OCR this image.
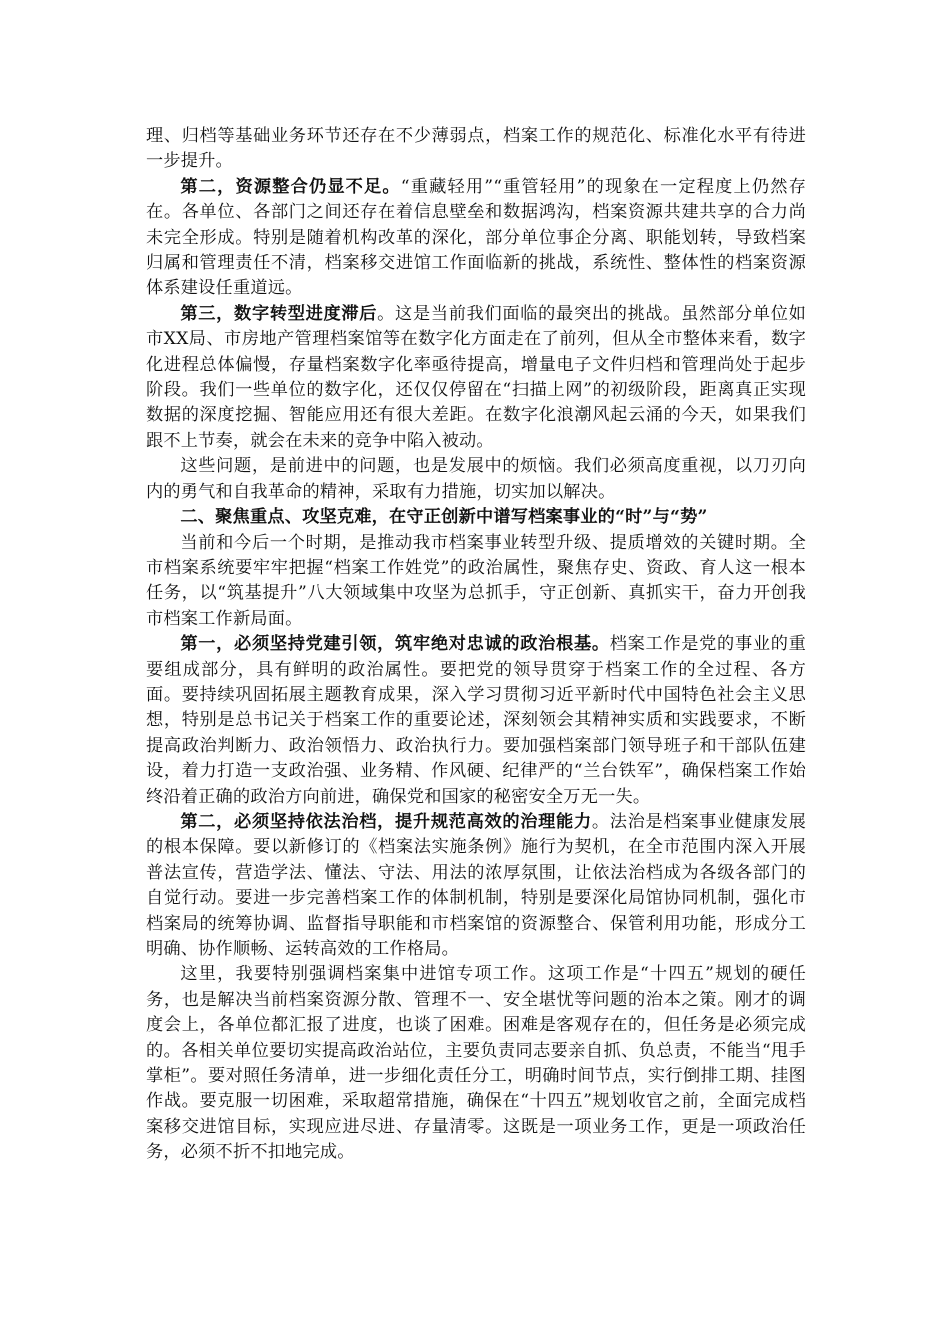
理、归档等基础业务环节还存在不少薄弱点，档案工作的规范化、标准化水平有待进一步提升。

第二，资源整合仍显不足。“重藏轻用”“重管轻用”的现象在一定程度上仍然存在。各单位、各部门之间还存在着信息壁垒和数据鸿沟，档案资源共建共享的合力尚未完全形成。特别是随着机构改革的深化，部分单位事企分离、职能划转，导致档案归属和管理责任不清，档案移交进馆工作面临新的挑战，系统性、整体性的档案资源体系建设任重道远。

第三，数字转型进度滞后。这是当前我们面临的最突出的挑战。虽然部分单位如市XX局、市房地产管理档案馆等在数字化方面走在了前列，但从全市整体来看，数字化进程总体偏慢，存量档案数字化率亟待提高，增量电子文件归档和管理尚处于起步阶段。我们一些单位的数字化，还仅仅停留在“扫描上网”的初级阶段，距离真正实现数据的深度挖掘、智能应用还有很大差距。在数字化浪潮风起云涌的今天，如果我们跟不上节奏，就会在未来的竞争中陷入被动。

这些问题，是前进中的问题，也是发展中的烦恼。我们必须高度重视，以刀刃向内的勇气和自我革命的精神，采取有力措施，切实加以解决。

二、聚焦重点、攻坚克难，在守正创新中谱写档案事业的“时”与“势”

当前和今后一个时期，是推动我市档案事业转型升级、提质增效的关键时期。全市档案系统要牢牢把握“档案工作姓党”的政治属性，聚焦存史、资政、育人这一根本任务，以“筑基提升”八大领域集中攻坚为总抓手，守正创新、真抓实干，奋力开创我市档案工作新局面。

第一，必须坚持党建引领，筑牢绝对忠诚的政治根基。档案工作是党的事业的重要组成部分，具有鲜明的政治属性。要把党的领导贯穿于档案工作的全过程、各方面。要持续巩固拓展主题教育成果，深入学习贯彻习近平新时代中国特色社会主义思想，特别是总书记关于档案工作的重要论述，深刻领会其精神实质和实践要求，不断提高政治判断力、政治领悟力、政治执行力。要加强档案部门领导班子和干部队伍建设，着力打造一支政治强、业务精、作风硬、纪律严的“兰台铁军”，确保档案工作始终沿着正确的政治方向前进，确保党和国家的秘密安全万无一失。

第二，必须坚持依法治档，提升规范高效的治理能力。法治是档案事业健康发展的根本保障。要以新修订的《档案法实施条例》施行为契机，在全市范围内深入开展普法宣传，营造学法、懂法、守法、用法的浓厚氛围，让依法治档成为各级各部门的自觉行动。要进一步完善档案工作的体制机制，特别是要深化局馆协同机制，强化市档案局的统筹协调、监督指导职能和市档案馆的资源整合、保管利用功能，形成分工明确、协作顺畅、运转高效的工作格局。

这里，我要特别强调档案集中进馆专项工作。这项工作是“十四五”规划的硬任务，也是解决当前档案资源分散、管理不一、安全堪忧等问题的治本之策。刚才的调度会上，各单位都汇报了进度，也谈了困难。困难是客观存在的，但任务是必须完成的。各相关单位要切实提高政治站位，主要负责同志要亲自抓、负总责，不能当“甩手掌柜”。要对照任务清单，进一步细化责任分工，明确时间节点，实行倒排工期、挂图作战。要克服一切困难，采取超常措施，确保在“十四五”规划收官之前，全面完成档案移交进馆目标，实现应进尽进、存量清零。这既是一项业务工作，更是一项政治任务，必须不折不扣地完成。
